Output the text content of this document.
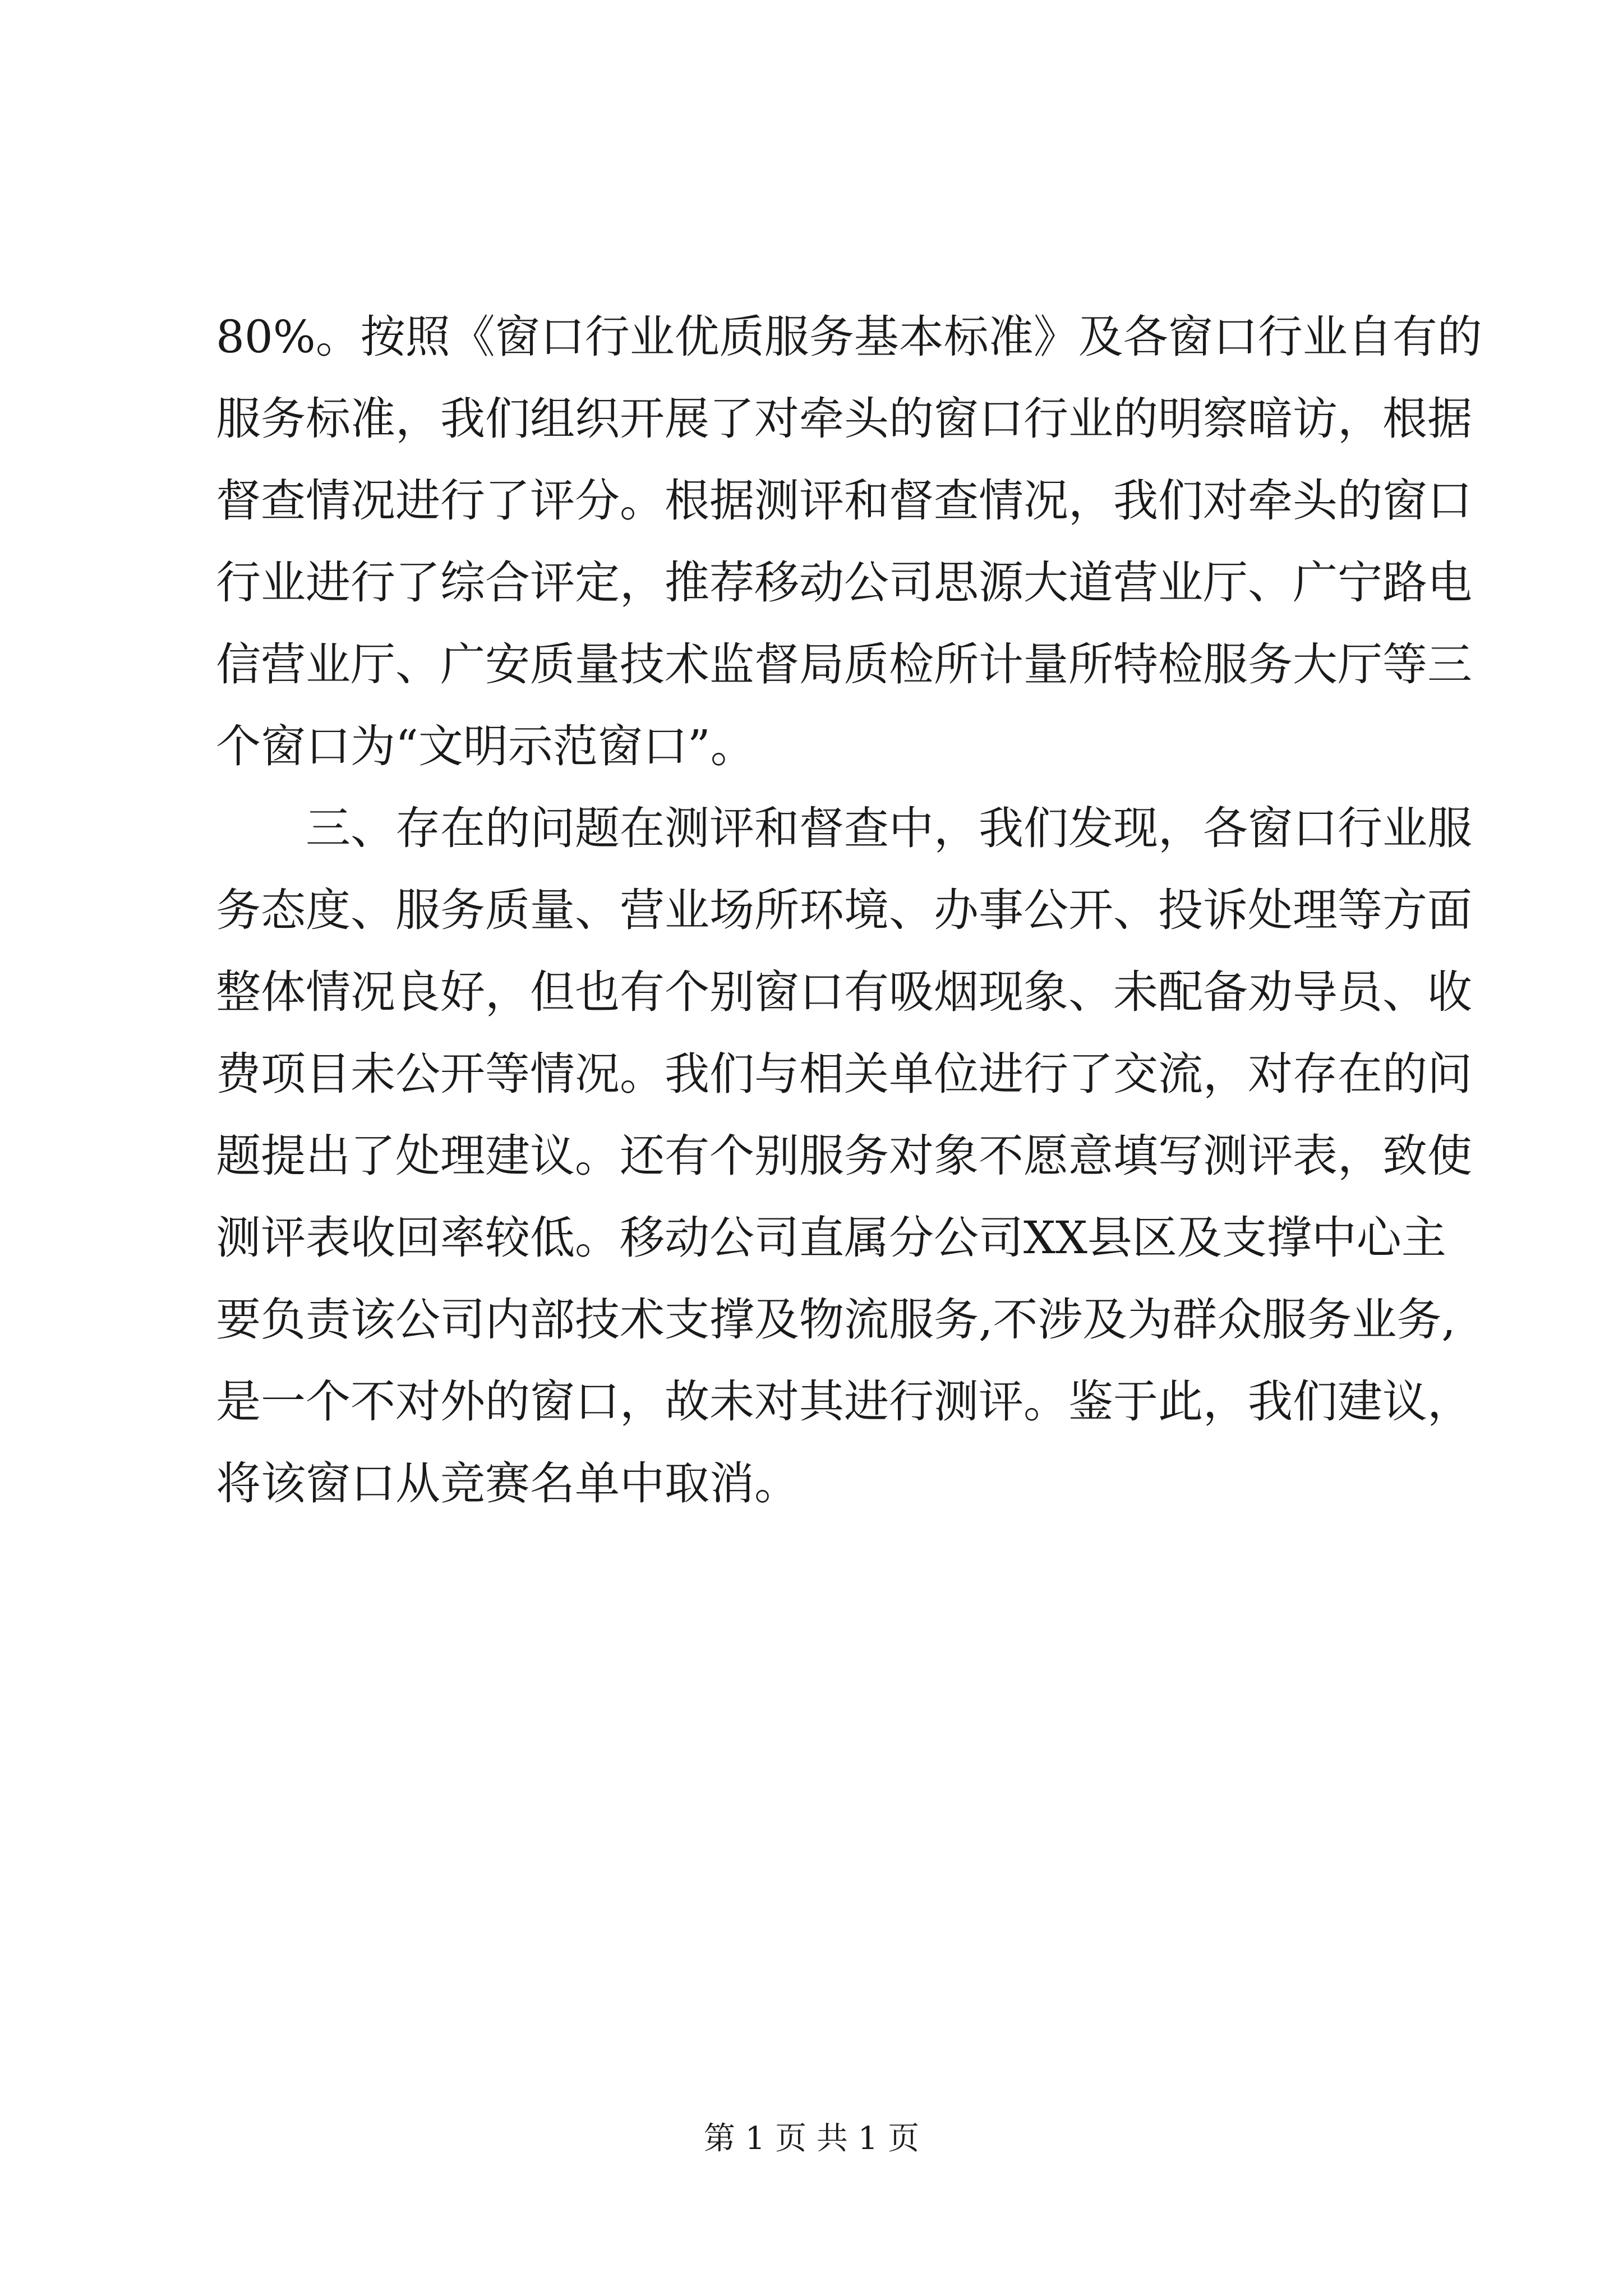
80%。按照《窗口行业优质服务基本标准》及各窗口行业自有的
服务标准，我们组织开展了对牵头的窗口行业的明察暗访，根据
督查情况进行了评分。根据测评和督查情况，我们对牵头的窗口
行业进行了综合评定，推荐移动公司思源大道营业厅、广宁路电
信营业厅、广安质量技术监督局质检所计量所特检服务大厅等三
个窗口为“文明示范窗口”。
三、存在的问题在测评和督查中，我们发现，各窗口行业服
务态度、服务质量、营业场所环境、办事公开、投诉处理等方面
整体情况良好，但也有个别窗口有吸烟现象、未配备劝导员、收
费项目未公开等情况。我们与相关单位进行了交流，对存在的问
题提出了处理建议。还有个别服务对象不愿意填写测评表，致使
测评表收回率较低。移动公司直属分公司XX县区及支撑中心主
要负责该公司内部技术支撑及物流服务,不涉及为群众服务业务,
是一个不对外的窗口，故未对其进行测评。鉴于此，我们建议，
将该窗口从竞赛名单中取消。
第 1 页 共 1 页
